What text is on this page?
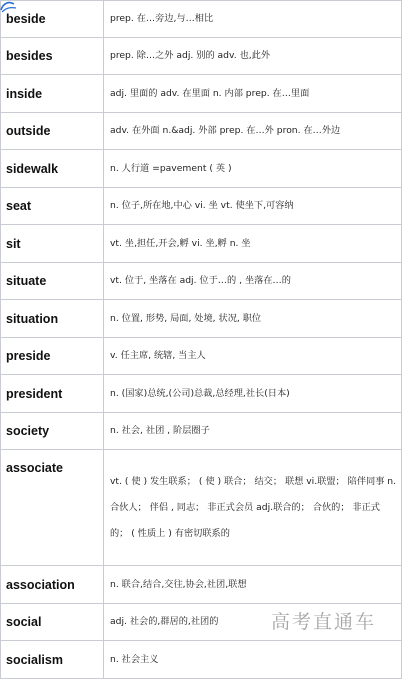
beside	prep. 在…旁边,与…相比
besides	prep. 除…之外 adj. 别的 adv. 也,此外
inside	adj. 里面的 adv. 在里面 n. 内部 prep. 在…里面
outside	adv. 在外面 n.&adj. 外部 prep. 在…外 pron. 在…外边
sidewalk	n. 人行道 =pavement ( 英 )
seat	n. 位子,所在地,中心 vi. 坐 vt. 使坐下,可容纳
sit	vt. 坐,担任,开会,孵 vi. 坐,孵 n. 坐
situate	vt. 位于, 坐落在 adj. 位于…的 , 坐落在…的
situation	n. 位置, 形势, 局面, 处境, 状况, 职位
preside	v. 任主席, 统辖, 当主人
president	n. (国家)总统,(公司)总裁,总经理,社长(日本)
society	n. 社会, 社团 , 阶层圈子
associate	vt. ( 使 ) 发生联系； ( 使 ) 联合； 结交； 联想 vi.联盟； 陪伴同事 n.合伙人； 伴侣 , 同志； 非正式会员 adj.联合的； 合伙的； 非正式的； ( 性质上 ) 有密切联系的
association	n. 联合,结合,交往,协会,社团,联想
social	adj. 社会的,群居的,社团的
socialism	n. 社会主义
高考直通车
